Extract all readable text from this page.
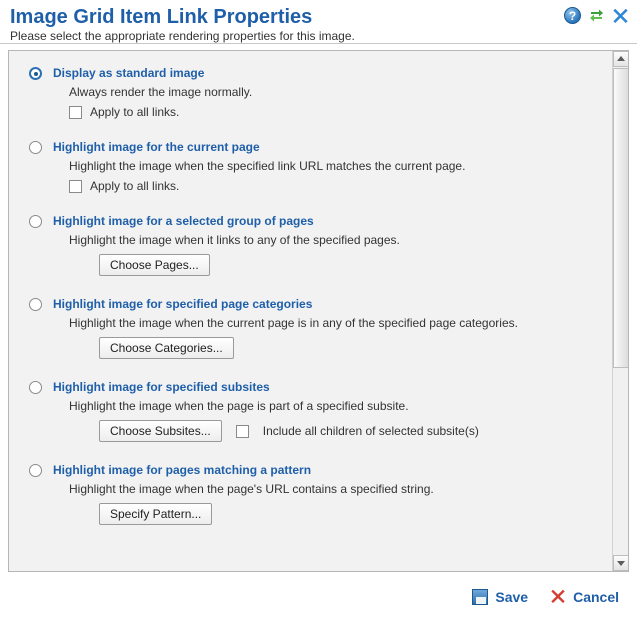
Image Grid Item Link Properties
Please select the appropriate rendering properties for this image.
?
Display as standard image
Always render the image normally.
Apply to all links.
Highlight image for the current page
Highlight the image when the specified link URL matches the current page.
Apply to all links.
Highlight image for a selected group of pages
Highlight the image when it links to any of the specified pages.
Choose Pages...
Highlight image for specified page categories
Highlight the image when the current page is in any of the specified page categories.
Choose Categories...
Highlight image for specified subsites
Highlight the image when the page is part of a specified subsite.
Choose Subsites...	Include all children of selected subsite(s)
Highlight image for pages matching a pattern
Highlight the image when the page's URL contains a specified string.
Specify Pattern...
Save	Cancel
